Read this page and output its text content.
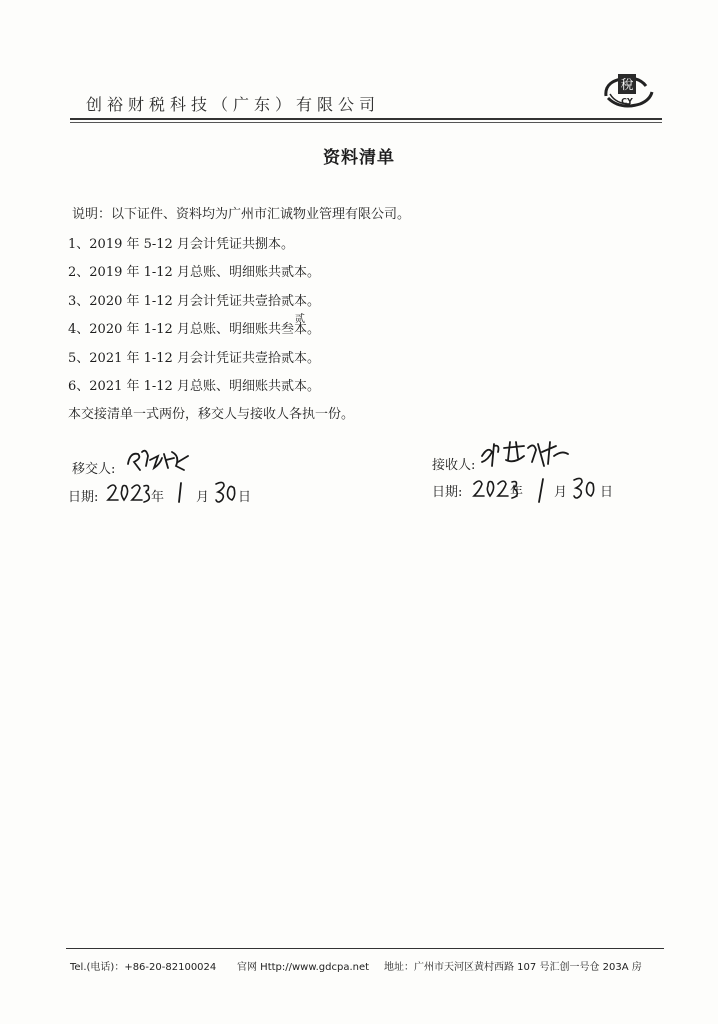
创裕财税科技（广东）有限公司
稅
CY
资料清单
说明：以下证件、资料均为广州市汇诚物业管理有限公司。
1、2019 年 5-12 月会计凭证共捌本。
2、2019 年 1-12 月总账、明细账共贰本。
3、2020 年 1-12 月会计凭证共壹拾贰本。
4、2020 年 1-12 月总账、明细账共叁本。
贰
5、2021 年 1-12 月会计凭证共壹拾贰本。
6、2021 年 1-12 月总账、明细账共贰本。
本交接清单一式两份，移交人与接收人各执一份。
移交人:
日期:	年 月 日
接收人:
日期:	年 月	日
Tel.(电话)：+86-20-82100024 官网 Http://www.gdcpa.net 地址：广州市天河区黄村西路 107 号汇创一号仓 203A 房
